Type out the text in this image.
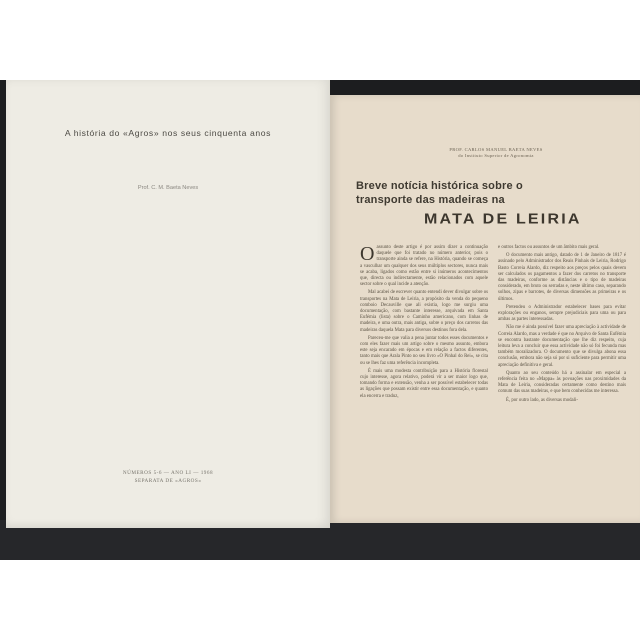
A história do «Agros» nos seus cinquenta anos
Prof. C. M. Baeta Neves
NÚMEROS 5-6 — ANO LI — 1968
SEPARATA DE «AGROS»
PROF. CARLOS MANUEL BAETA NEVES
do Instituto Superior de Agronomia
Breve notícia histórica sobre o
transporte das madeiras na
MATA DE LEIRIA

Oassunto deste artigo é por assim dizer a continuação daquele que foi tratado no número anterior, pois o transporte ainda se refere, na História, quando se começa a vasculhar um qualquer dos seus múltiplos sectores, nunca mais se acaba, ligados como estão entre si inúmeros acontecimentos que, directa ou indirectamente, estão relacionados com aquele sector sobre o qual incide a atenção.

Mal acabei de escrever quanto entendi dever divulgar sobre os transportes na Mata de Leiria, a propósito da venda do pequeno comboio Decauville que ali existia, logo me surgiu uma documentação, com bastante interesse, arquivada em Santa Eufémia (lista) sobre o Caminho americano, com linhas de madeira, e uma outra, mais antiga, sobre o preço dos carretos das madeiras daquela Mata para diversos destinos fora dela.

Pareceu-me que valia a pena juntar todos esses documentos e com eles fazer mais um artigo sobre o mesmo assunto, embora este seja encarado em épocas e em relação a factos diferentes, tanto mais que Arala Pinto no seu livro «O Pinhal do Rei», se cita ou se lhes faz uma referência incompleta.

É mais uma modesta contribuição para a História florestal cujo interesse, agora relativo, poderá vir a ser maior logo que, tomando forma e extensão, venha a ser possível estabelecer todas as ligações que possam existir entre essa documentação, e quanto ela encerra e traduz,

e outros factos ou assuntos de um âmbito mais geral.

O documento mais antigo, datado de 1 de Janeiro de 1817 é assinado pelo Administrador dos Reais Pinhais de Leiria, Rodrigo Basto Correia Alardo, diz respeito aos preços pelos quais devem ser calculados os pagamentos a fazer dos carretos no transporte das madeiras, conforme as distâncias e o tipo de madeiras considerado, em bruto ou serradas e, neste último caso, separando solhos, zipas e barrotes, de diversas dimensões as primeiras e os últimos.

Pretendeu o Administrador estabelecer bases para evitar explorações ou enganos, sempre prejudiciais para uma ou para ambas as partes interessadas.

Não me é ainda possível fazer uma apreciação à actividade de Correia Alardo, mas a verdade é que no Arquivo de Santa Eufémia se encontra bastante documentação que lhe diz respeito, cuja leitura leva a concluir que essa actividade não só foi fecunda mas também moralizadora. O documento que se divulga abona essa conclusão, embora não seja só por si suficiente para permitir uma apreciação definitiva e geral.

Quanto ao seu conteúdo há a assinalar em especial a referência feita no «Mappa» às povoações nas proximidades da Mata de Leiria, consideradas certamente como destino mais comum das suas madeiras, e que bem conhecidas me interessa.

É, por outro lado, as diversas modali-
